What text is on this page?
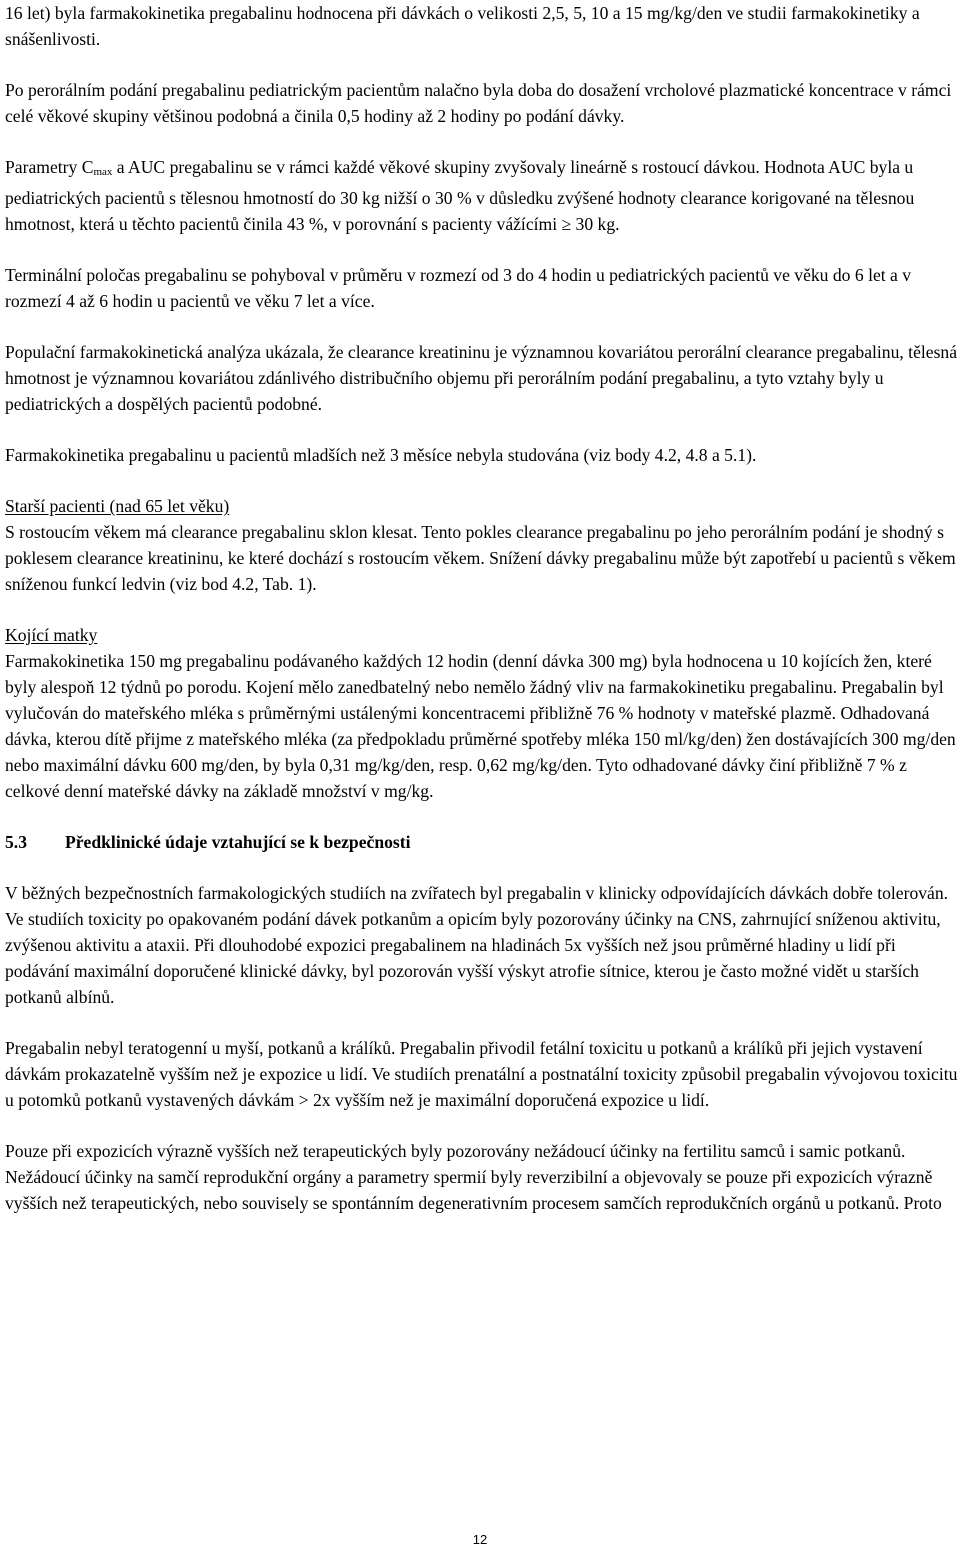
16 let) byla farmakokinetika pregabalinu hodnocena při dávkách o velikosti 2,5, 5, 10 a 15 mg/kg/den ve studii farmakokinetiky a snášenlivosti.

Po perorálním podání pregabalinu pediatrickým pacientům nalačno byla doba do dosažení vrcholové plazmatické koncentrace v rámci celé věkové skupiny většinou podobná a činila 0,5 hodiny až 2 hodiny po podání dávky.

Parametry Cmax a AUC pregabalinu se v rámci každé věkové skupiny zvyšovaly lineárně s rostoucí dávkou. Hodnota AUC byla u pediatrických pacientů s tělesnou hmotností do 30 kg nižší o 30 % v důsledku zvýšené hodnoty clearance korigované na tělesnou hmotnost, která u těchto pacientů činila 43 %, v porovnání s pacienty vážícími ≥ 30 kg.

Terminální poločas pregabalinu se pohyboval v průměru v rozmezí od 3 do 4 hodin u pediatrických pacientů ve věku do 6 let a v rozmezí 4 až 6 hodin u pacientů ve věku 7 let a více.

Populační farmakokinetická analýza ukázala, že clearance kreatininu je významnou kovariátou perorální clearance pregabalinu, tělesná hmotnost je významnou kovariátou zdánlivého distribučního objemu při perorálním podání pregabalinu, a tyto vztahy byly u pediatrických a dospělých pacientů podobné.

Farmakokinetika pregabalinu u pacientů mladších než 3 měsíce nebyla studována (viz body 4.2, 4.8 a 5.1).

Starší pacienti (nad 65 let věku)

S rostoucím věkem má clearance pregabalinu sklon klesat. Tento pokles clearance pregabalinu po jeho perorálním podání je shodný s poklesem clearance kreatininu, ke které dochází s rostoucím věkem. Snížení dávky pregabalinu může být zapotřebí u pacientů s věkem sníženou funkcí ledvin (viz bod 4.2, Tab. 1).

Kojící matky

Farmakokinetika 150 mg pregabalinu podávaného každých 12 hodin (denní dávka 300 mg) byla hodnocena u 10 kojících žen, které byly alespoň 12 týdnů po porodu. Kojení mělo zanedbatelný nebo nemělo žádný vliv na farmakokinetiku pregabalinu. Pregabalin byl vylučován do mateřského mléka s průměrnými ustálenými koncentracemi přibližně 76 % hodnoty v mateřské plazmě. Odhadovaná dávka, kterou dítě přijme z mateřského mléka (za předpokladu průměrné spotřeby mléka 150 ml/kg/den) žen dostávajících 300 mg/den nebo maximální dávku 600 mg/den, by byla 0,31 mg/kg/den, resp. 0,62 mg/kg/den. Tyto odhadované dávky činí přibližně 7 % z celkové denní mateřské dávky na základě množství v mg/kg.

5.3 Předklinické údaje vztahující se k bezpečnosti

V běžných bezpečnostních farmakologických studiích na zvířatech byl pregabalin v klinicky odpovídajících dávkách dobře tolerován. Ve studiích toxicity po opakovaném podání dávek potkanům a opicím byly pozorovány účinky na CNS, zahrnující sníženou aktivitu, zvýšenou aktivitu a ataxii. Při dlouhodobé expozici pregabalinem na hladinách 5x vyšších než jsou průměrné hladiny u lidí při podávání maximální doporučené klinické dávky, byl pozorován vyšší výskyt atrofie sítnice, kterou je často možné vidět u starších potkanů albínů.

Pregabalin nebyl teratogenní u myší, potkanů a králíků. Pregabalin přivodil fetální toxicitu u potkanů a králíků při jejich vystavení dávkám prokazatelně vyšším než je expozice u lidí. Ve studiích prenatální a postnatální toxicity způsobil pregabalin vývojovou toxicitu u potomků potkanů vystavených dávkám > 2x vyšším než je maximální doporučená expozice u lidí.

Pouze při expozicích výrazně vyšších než terapeutických byly pozorovány nežádoucí účinky na fertilitu samců i samic potkanů. Nežádoucí účinky na samčí reprodukční orgány a parametry spermií byly reverzibilní a objevovaly se pouze při expozicích výrazně vyšších než terapeutických, nebo souvisely se spontánním degenerativním procesem samčích reprodukčních orgánů u potkanů. Proto

12
